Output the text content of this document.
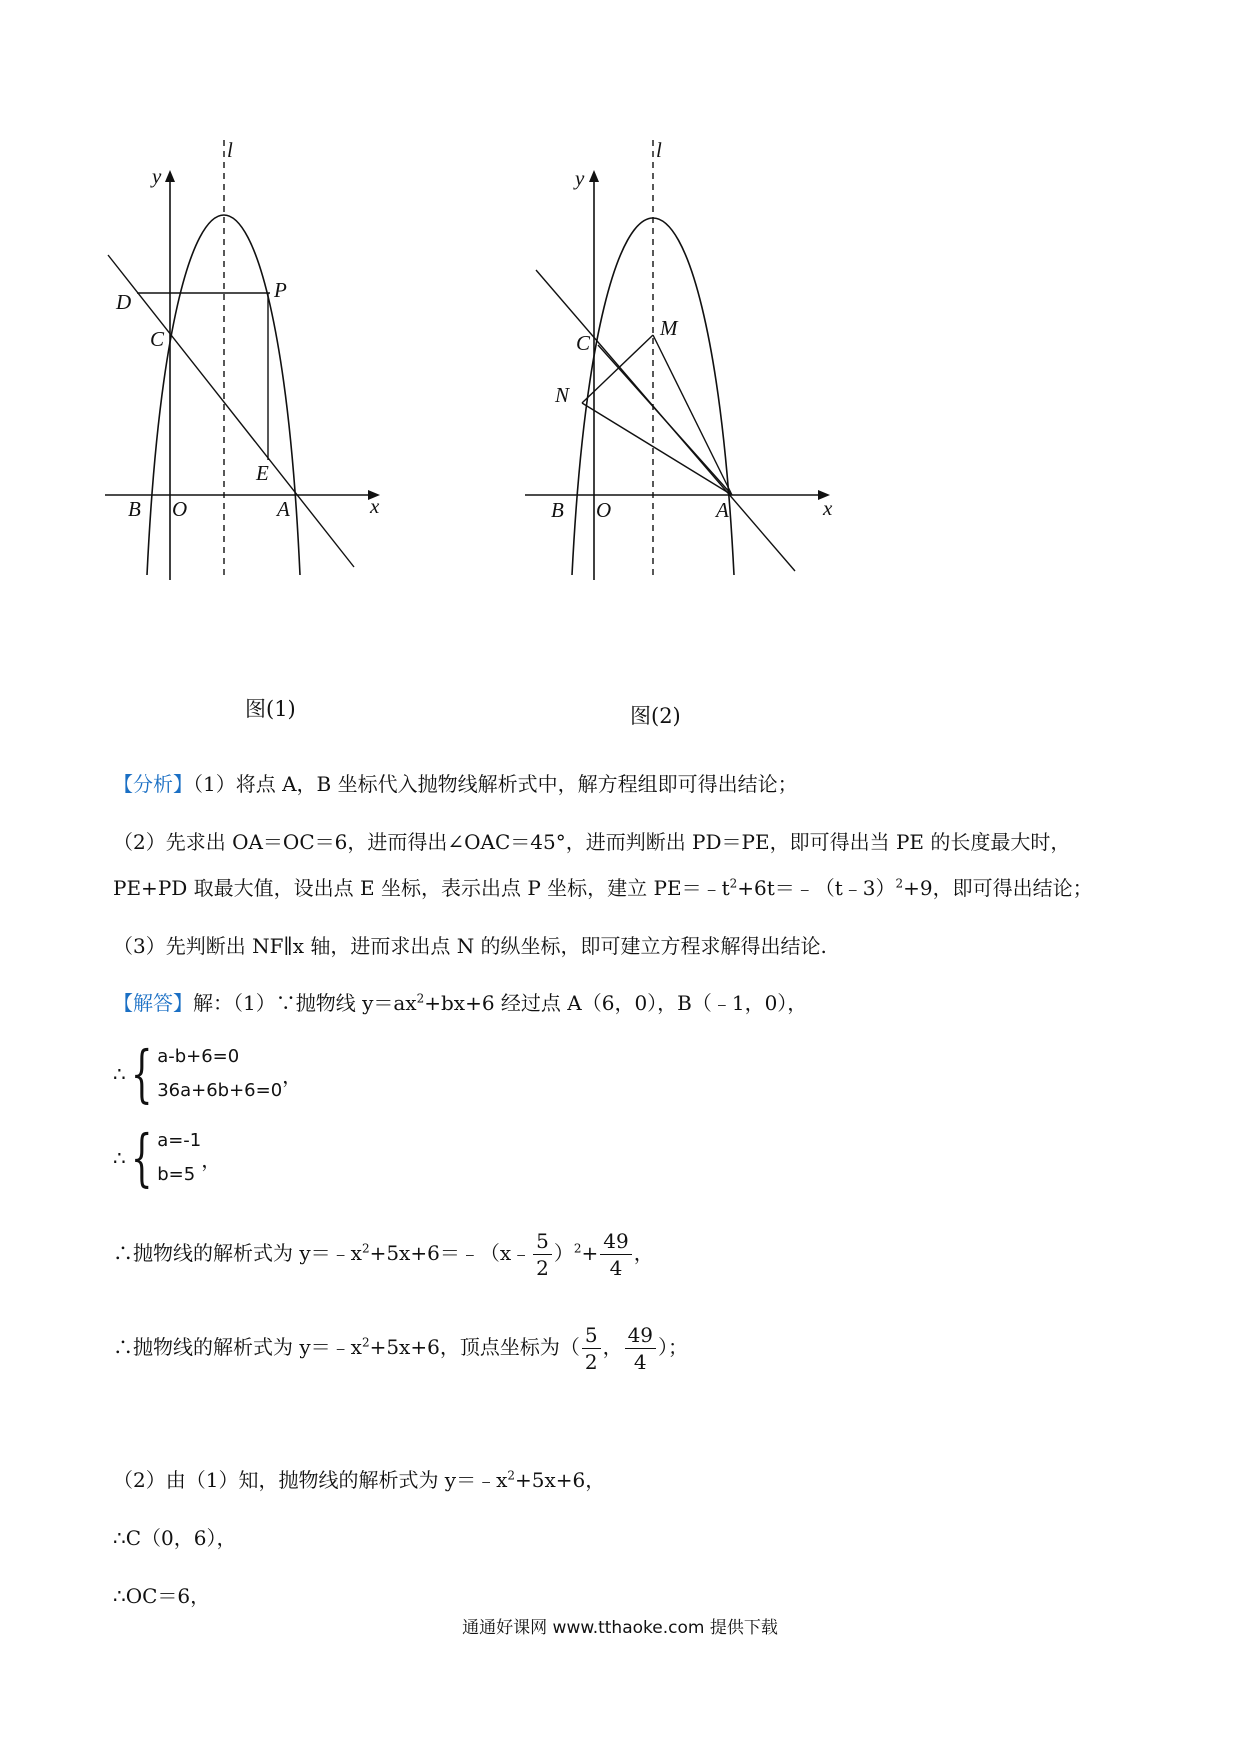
l
y
x
D	P
C
E
B O	A
图(1)
l
y
x
C
M
N
B O	A
图(2)
【分析】（1）将点 A，B 坐标代入抛物线解析式中，解方程组即可得出结论；
（2）先求出 OA＝OC＝6，进而得出∠OAC＝45°，进而判断出 PD＝PE，即可得出当 PE 的长度最大时，
PE+PD 取最大值，设出点 E 坐标，表示出点 P 坐标，建立 $PE=﹣t^2+6t=﹣(t﹣3)^2+9$，即可得出结论；
（3）先判断出 NF∥x 轴，进而求出点 N 的纵坐标，即可建立方程求解得出结论.
【解答】解：（1）∵抛物线 $y=ax^2+bx+6$ 经过点 A（6，0），B（﹣1，0），
∴ { a-b+6=0
36a+6b+6=0
，
∴ { a=-1
b=5
，
∴抛物线的解析式为 $y=﹣x^2+5x+6=﹣(x﹣ \frac{5}{2} )^2+ \frac{49}{4}$ ，
∴抛物线的解析式为 $y=﹣x^2+5x+6$，顶点坐标为（ $\frac{5}{2}$ ， $\frac{49}{4}$ ）；
（2）由（1）知，抛物线的解析式为 $y=﹣x^2+5x+6$，
∴C（0，6），
∴OC＝6，
通通好课网 www.tthaoke.com 提供下载
